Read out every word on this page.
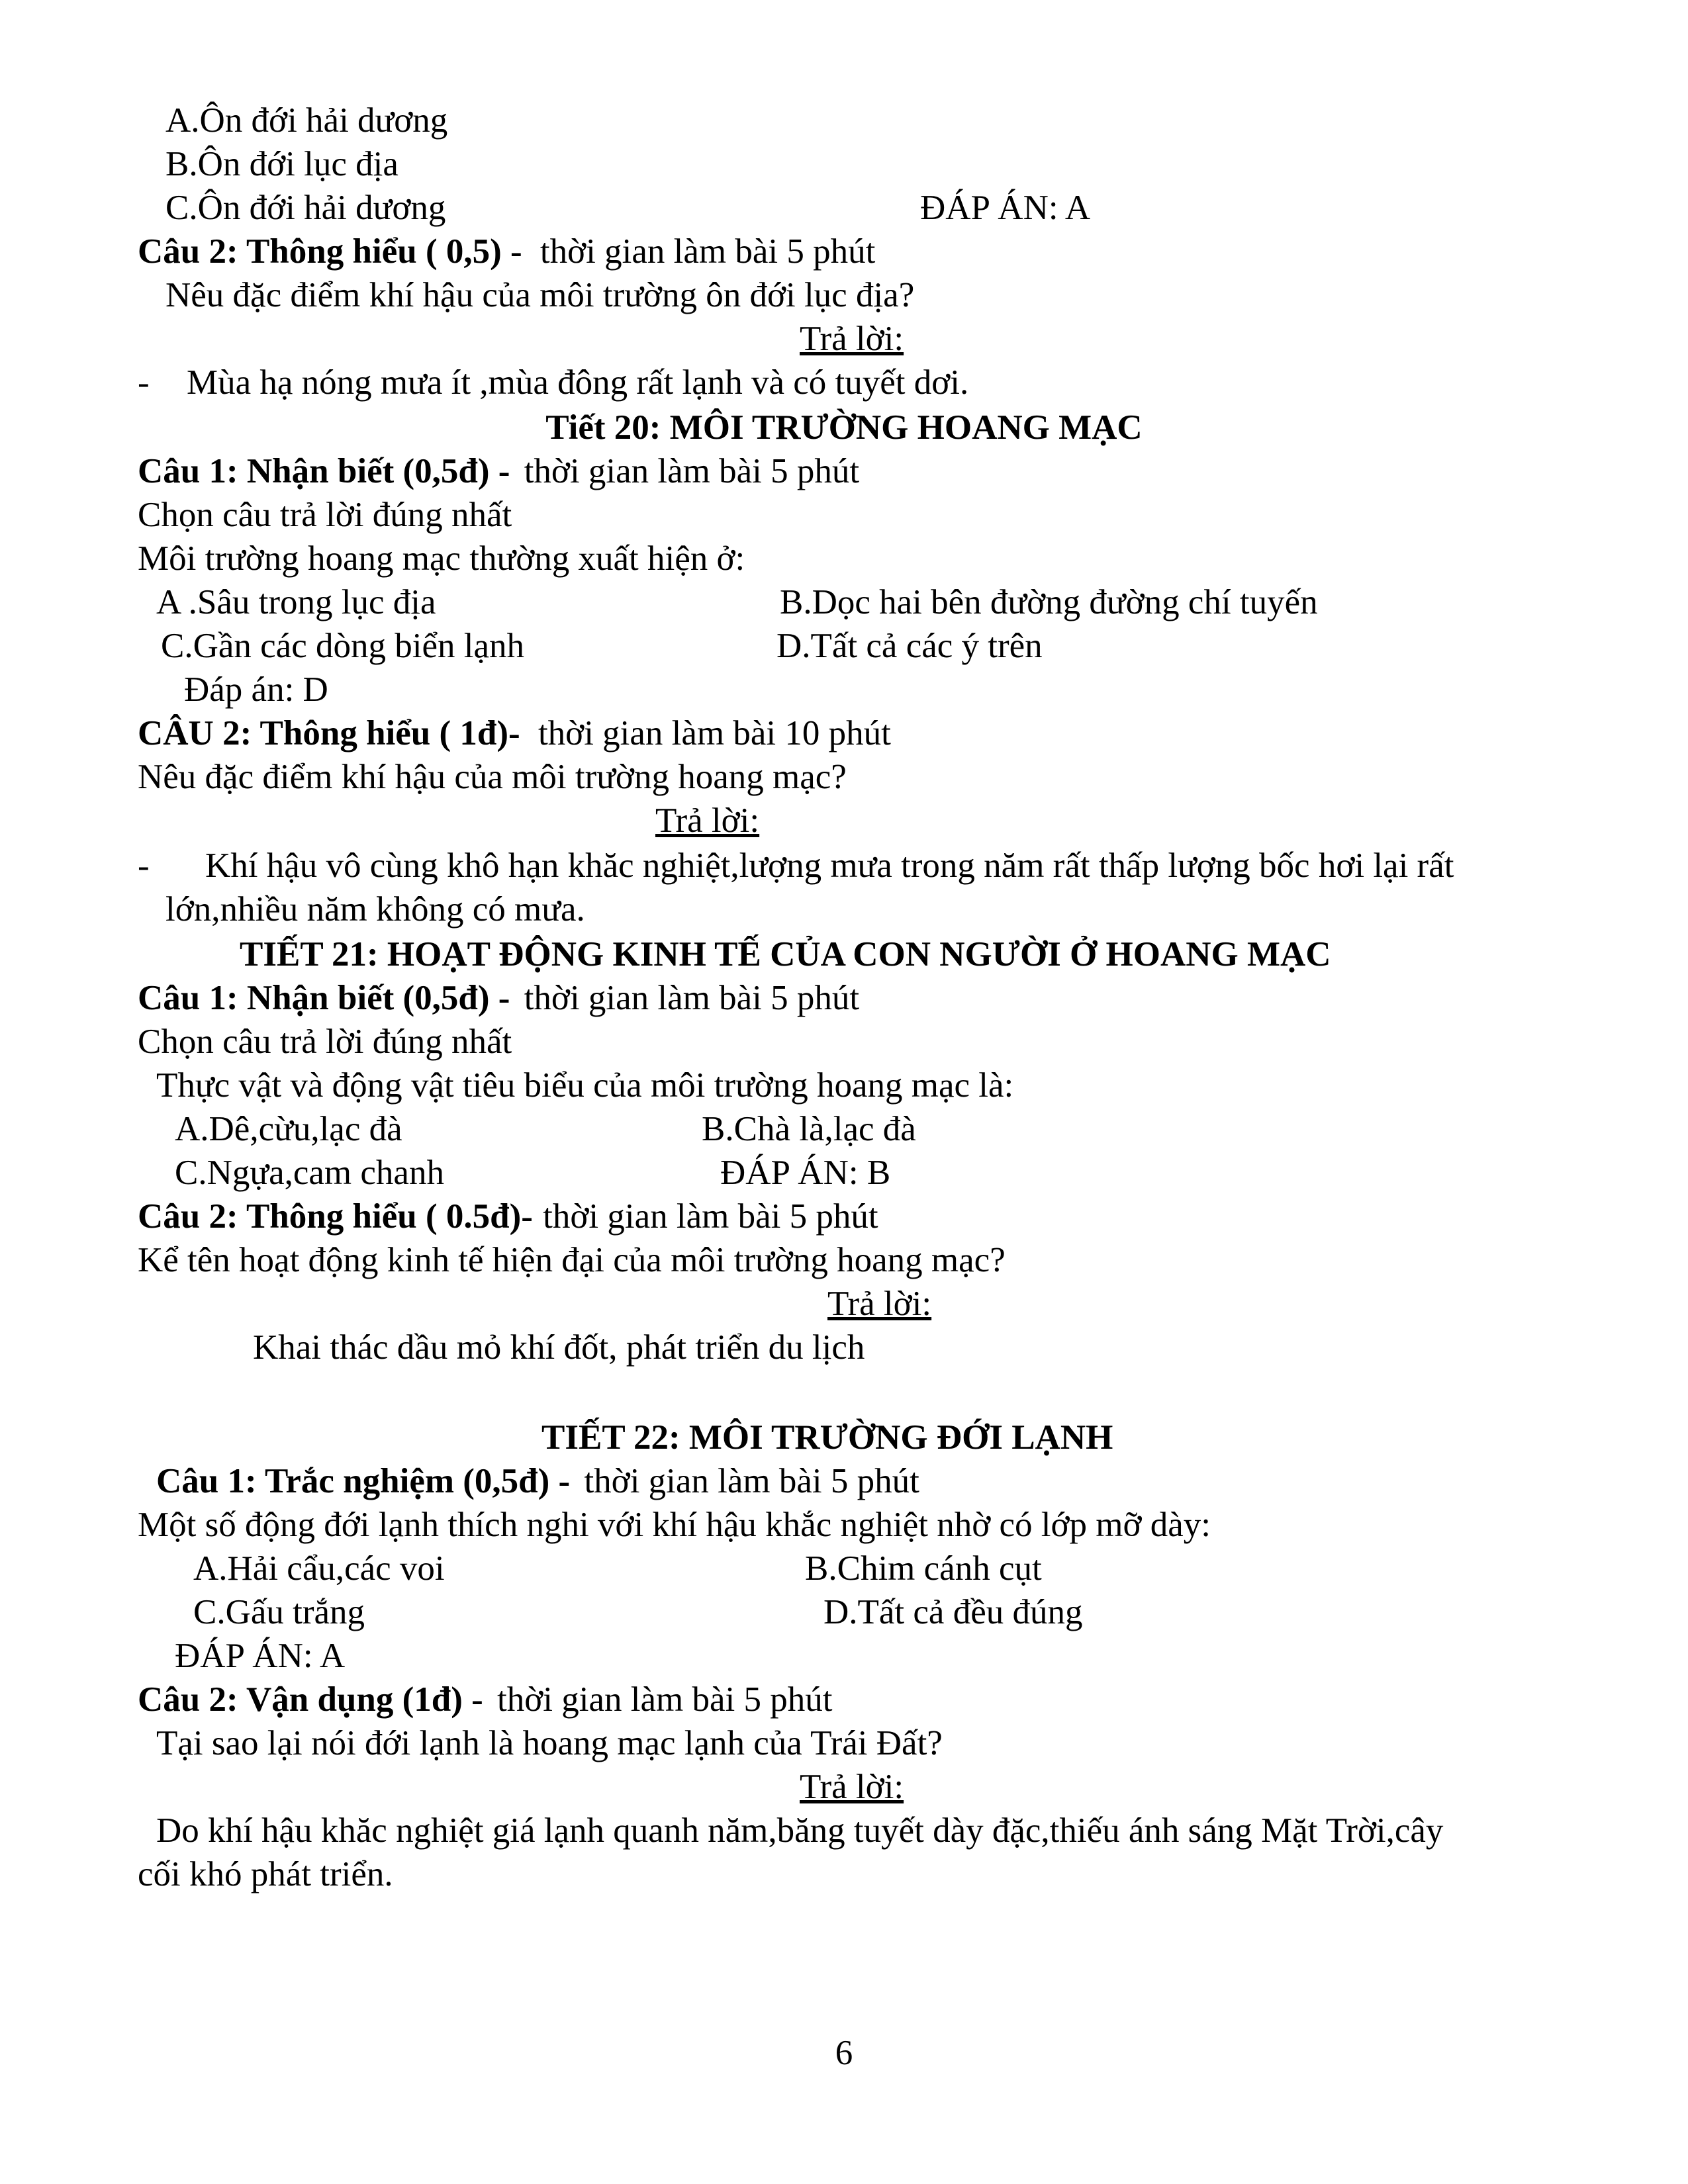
A.Ôn đới hải dương
B.Ôn đới lục địa
C.Ôn đới hải dương	ĐÁP ÁN: A
Câu 2: Thông hiểu ( 0,5) - thời gian làm bài 5 phút
Nêu đặc điểm khí hậu của môi trường ôn đới lục địa?
Trả lời:
- Mùa hạ nóng mưa ít ,mùa đông rất lạnh và có tuyết dơi.
Tiết 20: MÔI TRƯỜNG HOANG MẠC
Câu 1: Nhận biết (0,5đ) - thời gian làm bài 5 phút
Chọn câu trả lời đúng nhất
Môi trường hoang mạc thường xuất hiện ở:
A .Sâu trong lục địa	B.Dọc hai bên đường đường chí tuyến
C.Gần các dòng biển lạnh	D.Tất cả các ý trên
Đáp án: D
CÂU 2: Thông hiểu ( 1đ)- thời gian làm bài 10 phút
Nêu đặc điểm khí hậu của môi trường hoang mạc?
Trả lời:
- Khí hậu vô cùng khô hạn khăc nghiệt,lượng mưa trong năm rất thấp lượng bốc hơi lại rất
lớn,nhiều năm không có mưa.
TIẾT 21: HOẠT ĐỘNG KINH TẾ CỦA CON NGƯỜI Ở HOANG MẠC
Câu 1: Nhận biết (0,5đ) - thời gian làm bài 5 phút
Chọn câu trả lời đúng nhất
Thực vật và động vật tiêu biểu của môi trường hoang mạc là:
A.Dê,cừu,lạc đà	B.Chà là,lạc đà
C.Ngựa,cam chanh	ĐÁP ÁN: B
Câu 2: Thông hiểu ( 0.5đ)- thời gian làm bài 5 phút
Kể tên hoạt động kinh tế hiện đại của môi trường hoang mạc?
Trả lời:
Khai thác dầu mỏ khí đốt, phát triển du lịch
TIẾT 22: MÔI TRƯỜNG ĐỚI LẠNH
Câu 1: Trắc nghiệm (0,5đ) - thời gian làm bài 5 phút
Một số động đới lạnh thích nghi với khí hậu khắc nghiệt nhờ có lớp mỡ dày:
A.Hải cẩu,các voi	B.Chim cánh cụt
C.Gấu trắng	D.Tất cả đều đúng
ĐÁP ÁN: A
Câu 2: Vận dụng (1đ) - thời gian làm bài 5 phút
Tại sao lại nói đới lạnh là hoang mạc lạnh của Trái Đất?
Trả lời:
Do khí hậu khăc nghiệt giá lạnh quanh năm,băng tuyết dày đặc,thiếu ánh sáng Mặt Trời,cây
cối khó phát triển.
6
